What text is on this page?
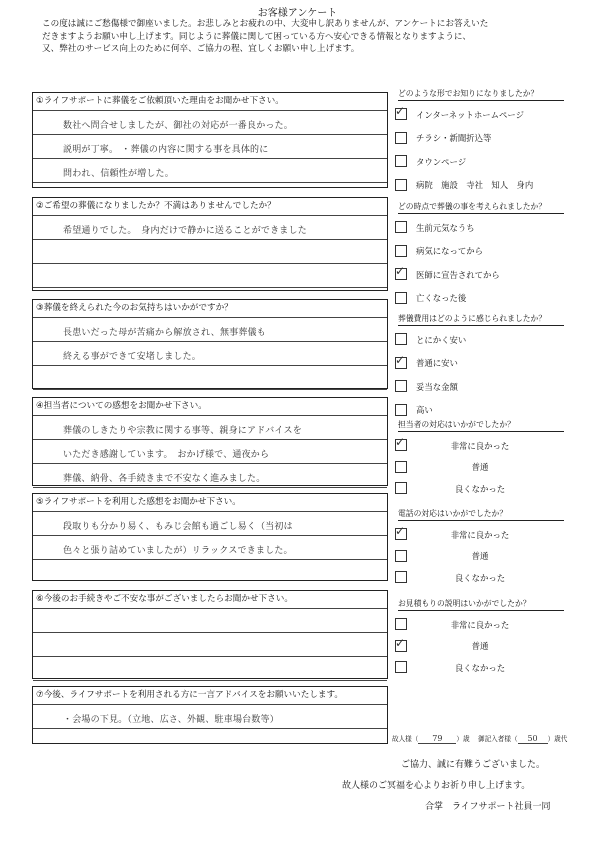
お客様アンケート
この度は誠にご愁傷様で御座いました。お悲しみとお疲れの中、大変申し訳ありませんが、アンケートにお答えいた
だきますようお願い申し上げます。同じように葬儀に関して困っている方へ安心できる情報となりますように、
又、弊社のサービス向上のために何卒、ご協力の程、宜しくお願い申し上げます。
①ライフサポートに葬儀をご依頼頂いた理由をお聞かせ下さい。
数社へ問合せしましたが、御社の対応が一番良かった。
説明が丁寧。 ・葬儀の内容に関する事を具体的に
問われ、信頼性が増した。
②ご希望の葬儀になりましたか？不満はありませんでしたか？
希望通りでした。　身内だけで静かに送ることができました
③葬儀を終えられた今のお気持ちはいかがですか？
長患いだった母が苦痛から解放され、無事葬儀も
終える事ができて安堵しました。
④担当者についての感想をお聞かせ下さい。
葬儀のしきたりや宗教に関する事等、親身にアドバイスを
いただき感謝しています。　おかげ様で、通夜から
葬儀、納骨、各手続きまで不安なく進みました。
⑤ライフサポートを利用した感想をお聞かせ下さい。
段取りも分かり易く、もみじ会館も過ごし易く（当初は
色々と張り詰めていましたが）リラックスできました。
⑥今後のお手続きやご不安な事がございましたらお聞かせ下さい。
⑦今後、ライフサポートを利用される方に一言アドバイスをお願いいたします。
・会場の下見。（立地、広さ、外観、駐車場台数等）
どのような形でお知りになりましたか？
✓ インターネットホームページ
チラシ・新聞折込等
タウンページ
病院　施設　寺社　知人　身内
どの時点で葬儀の事を考えられましたか？
生前元気なうち
病気になってから
✓ 医師に宣告されてから
亡くなった後
葬儀費用はどのように感じられましたか？
とにかく安い
✓ 普通に安い
妥当な金額
高い
担当者の対応はいかがでしたか？
✓	非常に良かった
普通
良くなかった
電話の対応はいかがでしたか？
✓	非常に良かった
普通
良くなかった
お見積もりの説明はいかがでしたか？
非常に良かった
✓	普通
良くなかった
故人様（ 79 ）歳 御記入者様（ 50 ）歳代
ご協力、誠に有難うございました。
故人様のご冥福を心よりお祈り申し上げます。
合掌　ライフサポート社員一同
